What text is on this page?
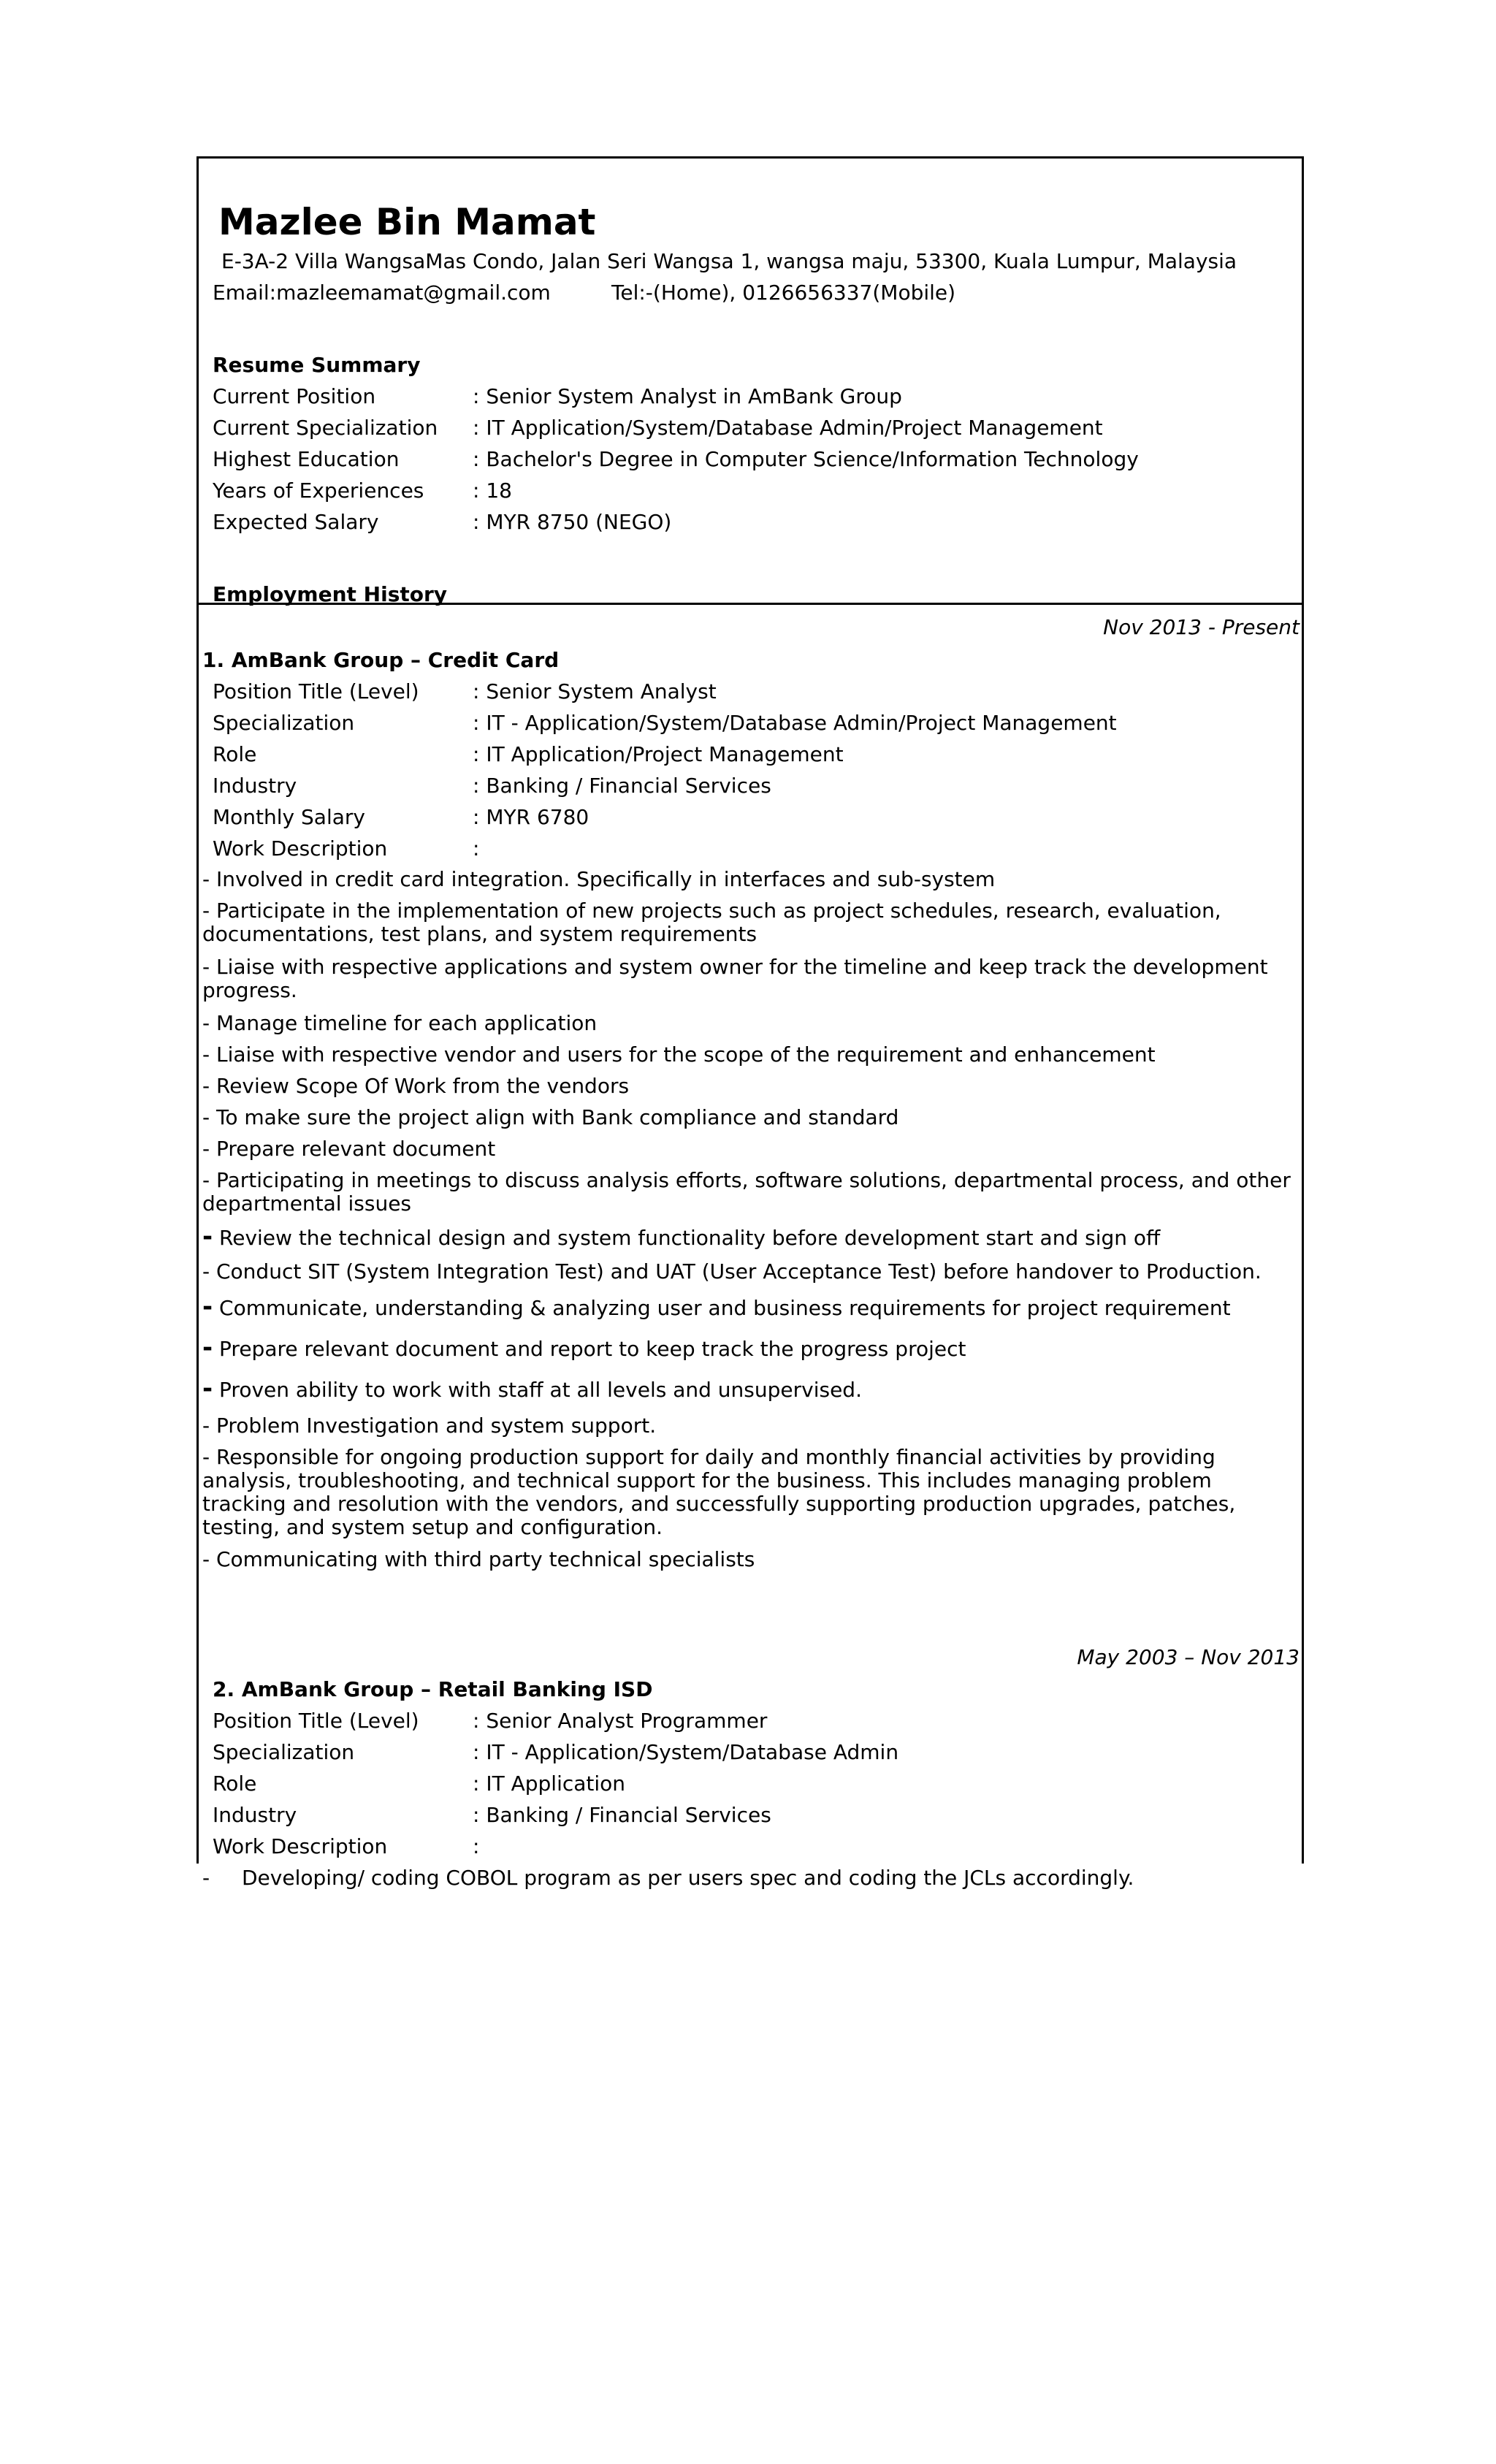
Mazlee Bin Mamat
E-3A-2 Villa WangsaMas Condo, Jalan Seri Wangsa 1, wangsa maju, 53300, Kuala Lumpur, Malaysia
Email:mazleemamat@gmail.com	Tel:-(Home), 0126656337(Mobile)
Resume Summary
Current Position	: Senior System Analyst in AmBank Group
Current Specialization : IT Application/System/Database Admin/Project Management
Highest Education	: Bachelor's Degree in Computer Science/Information Technology
Years of Experiences : 18
Expected Salary	: MYR 8750 (NEGO)
Employment History
Nov 2013 - Present
1. AmBank Group – Credit Card
Position Title (Level)	: Senior System Analyst
Specialization	: IT - Application/System/Database Admin/Project Management
Role	: IT Application/Project Management
Industry	: Banking / Financial Services
Monthly Salary	: MYR 6780
Work Description	:
- Involved in credit card integration. Specifically in interfaces and sub-system
- Participate in the implementation of new projects such as project schedules, research, evaluation, documentations, test plans, and system requirements
- Liaise with respective applications and system owner for the timeline and keep track the development progress.
- Manage timeline for each application
- Liaise with respective vendor and users for the scope of the requirement and enhancement
- Review Scope Of Work from the vendors
- To make sure the project align with Bank compliance and standard
- Prepare relevant document
- Participating in meetings to discuss analysis efforts, software solutions, departmental process, and other departmental issues
- Review the technical design and system functionality before development start and sign off
- Conduct SIT (System Integration Test) and UAT (User Acceptance Test) before handover to Production.
- Communicate, understanding & analyzing user and business requirements for project requirement
- Prepare relevant document and report to keep track the progress project
- Proven ability to work with staff at all levels and unsupervised.
- Problem Investigation and system support.
- Responsible for ongoing production support for daily and monthly financial activities by providing analysis, troubleshooting, and technical support for the business. This includes managing problem tracking and resolution with the vendors, and successfully supporting production upgrades, patches, testing, and system setup and configuration.
- Communicating with third party technical specialists
May 2003 – Nov 2013
2. AmBank Group – Retail Banking ISD
Position Title (Level)	: Senior Analyst Programmer
Specialization	: IT - Application/System/Database Admin
Role	: IT Application
Industry	: Banking / Financial Services
Work Description	:
- Developing/ coding COBOL program as per users spec and coding the JCLs accordingly.
